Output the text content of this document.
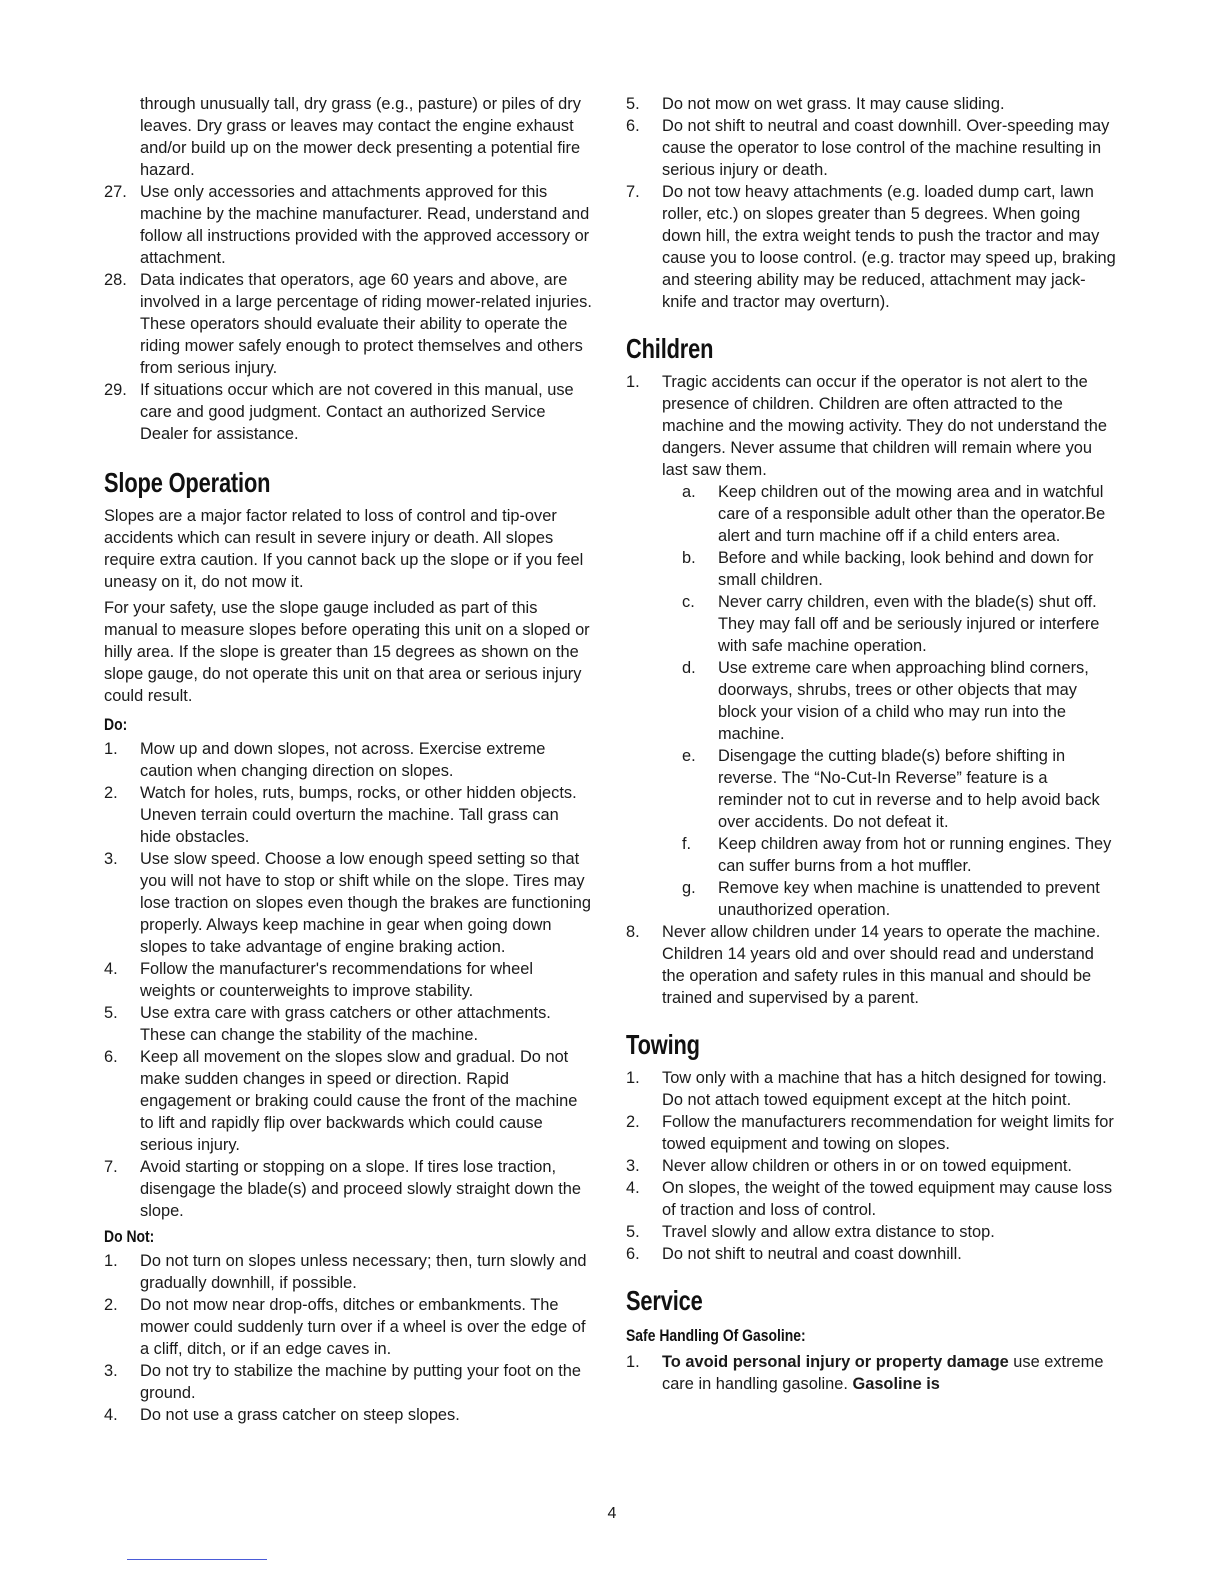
through unusually tall, dry grass (e.g., pasture) or piles of dry leaves. Dry grass or leaves may contact the engine exhaust and/or build up on the mower deck presenting a potential fire hazard.

27. Use only accessories and attachments approved for this machine by the machine manufacturer. Read, understand and follow all instructions provided with the approved accessory or attachment.
28. Data indicates that operators, age 60 years and above, are involved in a large percentage of riding mower-related injuries. These operators should evaluate their ability to operate the riding mower safely enough to protect themselves and others from serious injury.
29. If situations occur which are not covered in this manual, use care and good judgment. Contact an authorized Service Dealer for assistance.
Slope Operation

Slopes are a major factor related to loss of control and tip-over accidents which can result in severe injury or death. All slopes require extra caution. If you cannot back up the slope or if you feel uneasy on it, do not mow it.

For your safety, use the slope gauge included as part of this manual to measure slopes before operating this unit on a sloped or hilly area. If the slope is greater than 15 degrees as shown on the slope gauge, do not operate this unit on that area or serious injury could result.

Do:
1.	Mow up and down slopes, not across. Exercise extreme caution when changing direction on slopes.
2.	Watch for holes, ruts, bumps, rocks, or other hidden objects. Uneven terrain could overturn the machine. Tall grass can hide obstacles.
3.	Use slow speed. Choose a low enough speed setting so that you will not have to stop or shift while on the slope. Tires may lose traction on slopes even though the brakes are functioning properly. Always keep machine in gear when going down slopes to take advantage of engine braking action.
4.	Follow the manufacturer's recommendations for wheel weights or counterweights to improve stability.
5.	Use extra care with grass catchers or other attachments. These can change the stability of the machine.
6.	Keep all movement on the slopes slow and gradual. Do not make sudden changes in speed or direction. Rapid engagement or braking could cause the front of the machine to lift and rapidly flip over backwards which could cause serious injury.
7.	Avoid starting or stopping on a slope. If tires lose traction, disengage the blade(s) and proceed slowly straight down the slope.
Do Not:
1.	Do not turn on slopes unless necessary; then, turn slowly and gradually downhill, if possible.
2.	Do not mow near drop-offs, ditches or embankments. The mower could suddenly turn over if a wheel is over the edge of a cliff, ditch, or if an edge caves in.
3.	Do not try to stabilize the machine by putting your foot on the ground.
4.	Do not use a grass catcher on steep slopes.
5.	Do not mow on wet grass. It may cause sliding.
6.	Do not shift to neutral and coast downhill. Over-speeding may cause the operator to lose control of the machine resulting in serious injury or death.
7.	Do not tow heavy attachments (e.g. loaded dump cart, lawn roller, etc.) on slopes greater than 5 degrees. When going down hill, the extra weight tends to push the tractor and may cause you to loose control. (e.g. tractor may speed up, braking and steering ability may be reduced, attachment may jack-knife and tractor may overturn).
Children
1.	Tragic accidents can occur if the operator is not alert to the presence of children. Children are often attracted to the machine and the mowing activity. They do not understand the dangers. Never assume that children will remain where you last saw them.
a.	Keep children out of the mowing area and in watchful care of a responsible adult other than the operator.Be alert and turn machine off if a child enters area.
b.	Before and while backing, look behind and down for small children.
c.	Never carry children, even with the blade(s) shut off. They may fall off and be seriously injured or interfere with safe machine operation.
d.	Use extreme care when approaching blind corners, doorways, shrubs, trees or other objects that may block your vision of a child who may run into the machine.
e.	Disengage the cutting blade(s) before shifting in reverse. The “No-Cut-In Reverse” feature is a reminder not to cut in reverse and to help avoid back over accidents. Do not defeat it.
f.	Keep children away from hot or running engines. They can suffer burns from a hot muffler.
g.	Remove key when machine is unattended to prevent unauthorized operation.
8.	Never allow children under 14 years to operate the machine. Children 14 years old and over should read and understand the operation and safety rules in this manual and should be trained and supervised by a parent.
Towing
1.	Tow only with a machine that has a hitch designed for towing. Do not attach towed equipment except at the hitch point.
2.	Follow the manufacturers recommendation for weight limits for towed equipment and towing on slopes.
3.	Never allow children or others in or on towed equipment.
4.	On slopes, the weight of the towed equipment may cause loss of traction and loss of control.
5.	Travel slowly and allow extra distance to stop.
6.	Do not shift to neutral and coast downhill.
Service
Safe Handling Of Gasoline:
1.	To avoid personal injury or property damage use extreme care in handling gasoline. Gasoline is
4
